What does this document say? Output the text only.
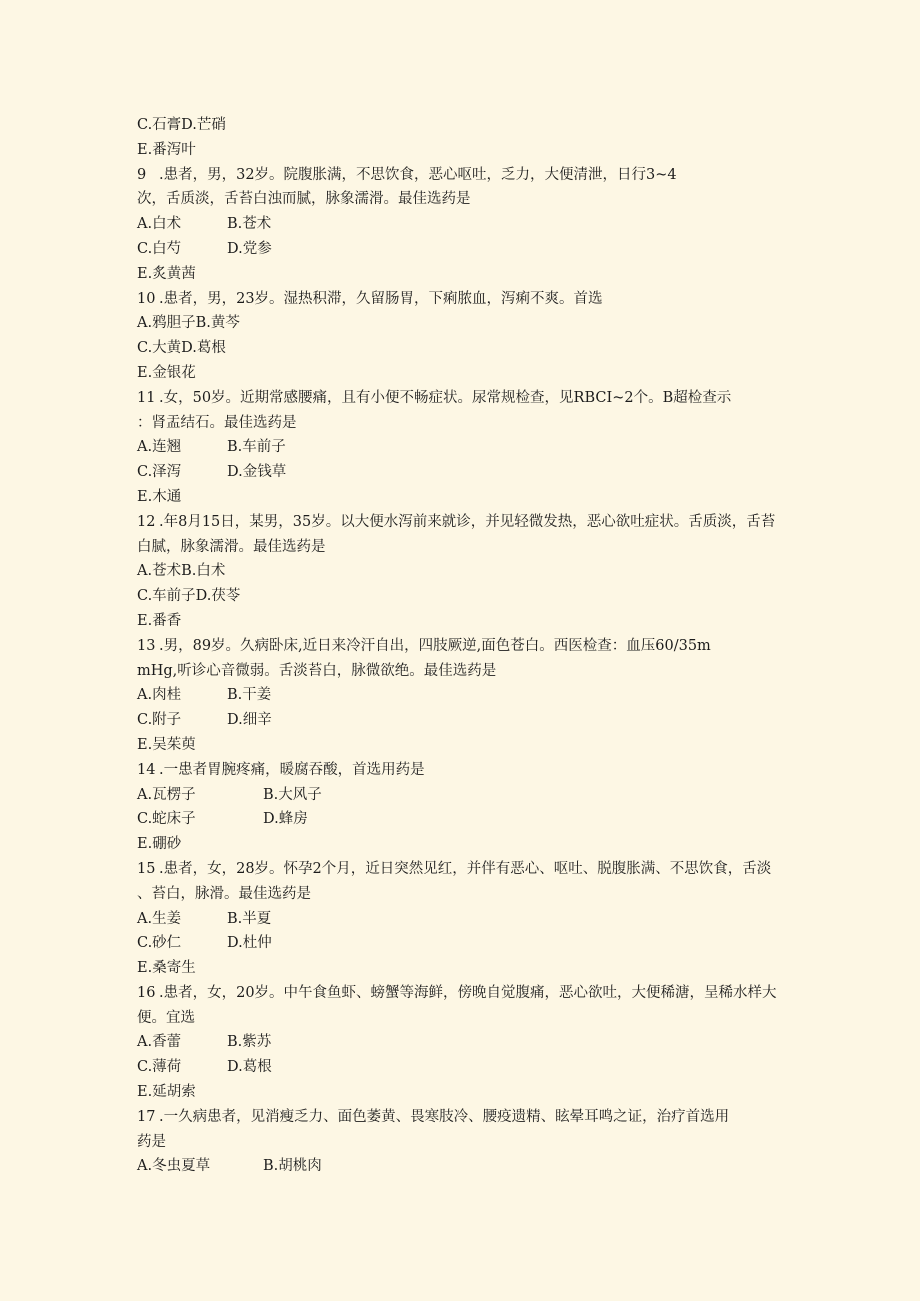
C.石膏D.芒硝
E.番泻叶
9 .患者，男，32岁。院腹胀满，不思饮食，恶心呕吐，乏力，大便清泄，日行3~4
次，舌质淡，舌苔白浊而腻，脉象濡滑。最佳选药是
A.白术	B.苍术
C.白芍	D.党参
E.炙黄茜
10 .患者，男，23岁。湿热积滞，久留肠胃，下痢脓血，泻痢不爽。首选
A.鸦胆子B.黄芩
C.大黄D.葛根
E.金银花
11 .女，50岁。近期常感腰痛，且有小便不畅症状。尿常规检查，见RBCI~2个。B超检查示
：肾盂结石。最佳选药是
A.连翘	B.车前子
C.泽泻	D.金钱草
E.木通
12 .年8月15日，某男，35岁。以大便水泻前来就诊，并见轻微发热，恶心欲吐症状。舌质淡，舌苔
白腻，脉象濡滑。最佳选药是
A.苍术B.白术
C.车前子D.茯苓
E.番香
13 .男，89岁。久病卧床,近日来冷汗自出，四肢厥逆,面色苍白。西医检查：血压60/35m
mHg,听诊心音微弱。舌淡苔白，脉微欲绝。最佳选药是
A.肉桂	B.干姜
C.附子	D.细辛
E.吴茱萸
14 .一患者胃腕疼痛，暖腐吞酸，首选用药是
A.瓦楞子	B.大风子
C.蛇床子	D.蜂房
E.硼砂
15 .患者，女，28岁。怀孕2个月，近日突然见红，并伴有恶心、呕吐、脱腹胀满、不思饮食，舌淡
、苔白，脉滑。最佳选药是
A.生姜	B.半夏
C.砂仁	D.杜仲
E.桑寄生
16 .患者，女，20岁。中午食鱼虾、螃蟹等海鲜，傍晚自觉腹痛，恶心欲吐，大便稀溏，呈稀水样大
便。宜选
A.香蕾	B.紫苏
C.薄荷	D.葛根
E.延胡索
17 .一久病患者，见消瘦乏力、面色萎黄、畏寒肢冷、腰疫遗精、眩晕耳鸣之证，治疗首选用
药是
A.冬虫夏草	B.胡桃肉
